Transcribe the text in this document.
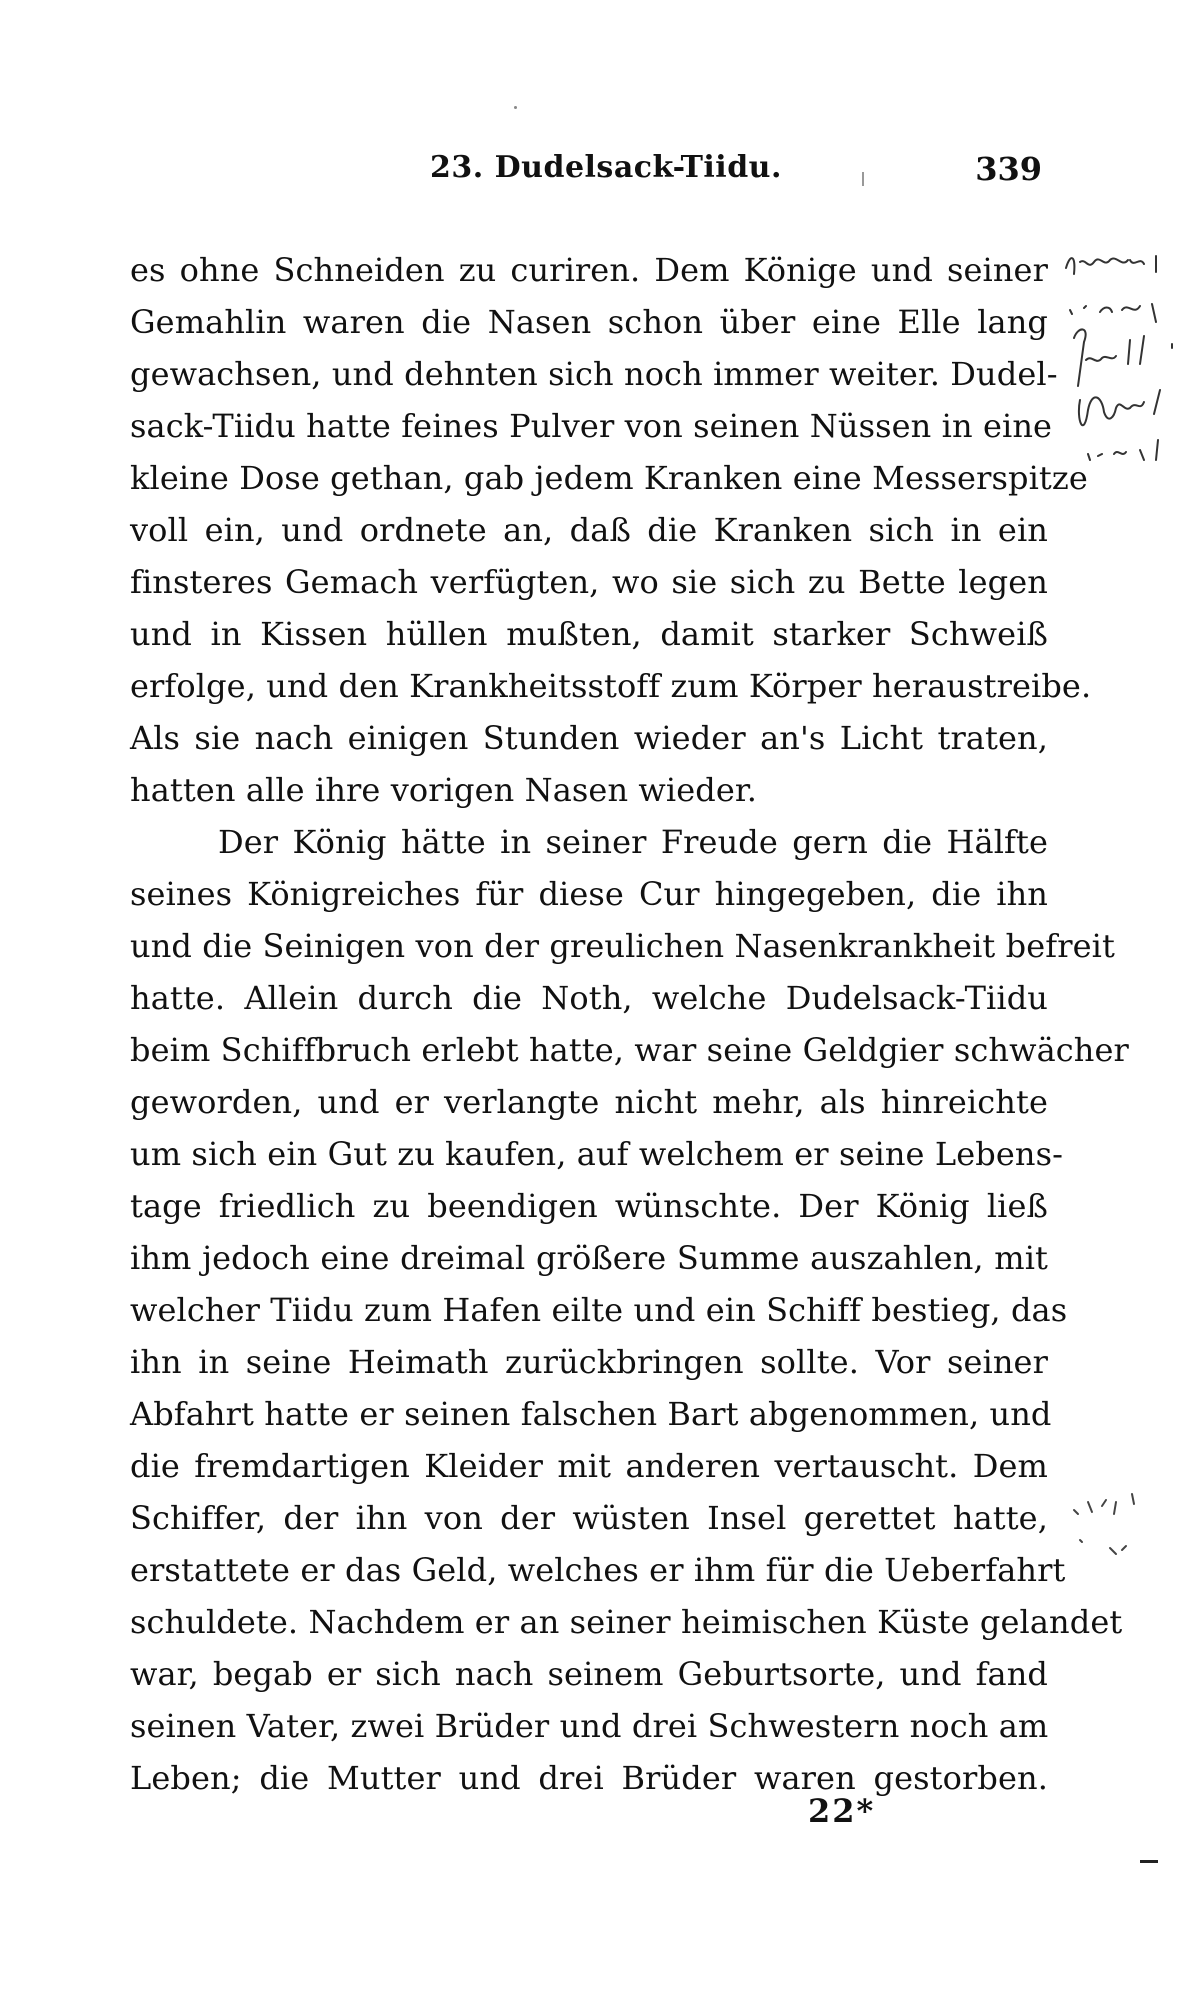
23. Dudelsack-Tiidu.	339
es ohne Schneiden zu curiren. Dem Könige und seiner
Gemahlin waren die Nasen schon über eine Elle lang
gewachsen, und dehnten sich noch immer weiter. Dudel-
sack-Tiidu hatte feines Pulver von seinen Nüssen in eine
kleine Dose gethan, gab jedem Kranken eine Messerspitze
voll ein, und ordnete an, daß die Kranken sich in ein
finsteres Gemach verfügten, wo sie sich zu Bette legen
und in Kissen hüllen mußten, damit starker Schweiß
erfolge, und den Krankheitsstoff zum Körper heraustreibe.
Als sie nach einigen Stunden wieder an's Licht traten,
hatten alle ihre vorigen Nasen wieder.
Der König hätte in seiner Freude gern die Hälfte
seines Königreiches für diese Cur hingegeben, die ihn
und die Seinigen von der greulichen Nasenkrankheit befreit
hatte. Allein durch die Noth, welche Dudelsack-Tiidu
beim Schiffbruch erlebt hatte, war seine Geldgier schwächer
geworden, und er verlangte nicht mehr, als hinreichte
um sich ein Gut zu kaufen, auf welchem er seine Lebens-
tage friedlich zu beendigen wünschte. Der König ließ
ihm jedoch eine dreimal größere Summe auszahlen, mit
welcher Tiidu zum Hafen eilte und ein Schiff bestieg, das
ihn in seine Heimath zurückbringen sollte. Vor seiner
Abfahrt hatte er seinen falschen Bart abgenommen, und
die fremdartigen Kleider mit anderen vertauscht. Dem
Schiffer, der ihn von der wüsten Insel gerettet hatte,
erstattete er das Geld, welches er ihm für die Ueberfahrt
schuldete. Nachdem er an seiner heimischen Küste gelandet
war, begab er sich nach seinem Geburtsorte, und fand
seinen Vater, zwei Brüder und drei Schwestern noch am
Leben; die Mutter und drei Brüder waren gestorben.
22*
